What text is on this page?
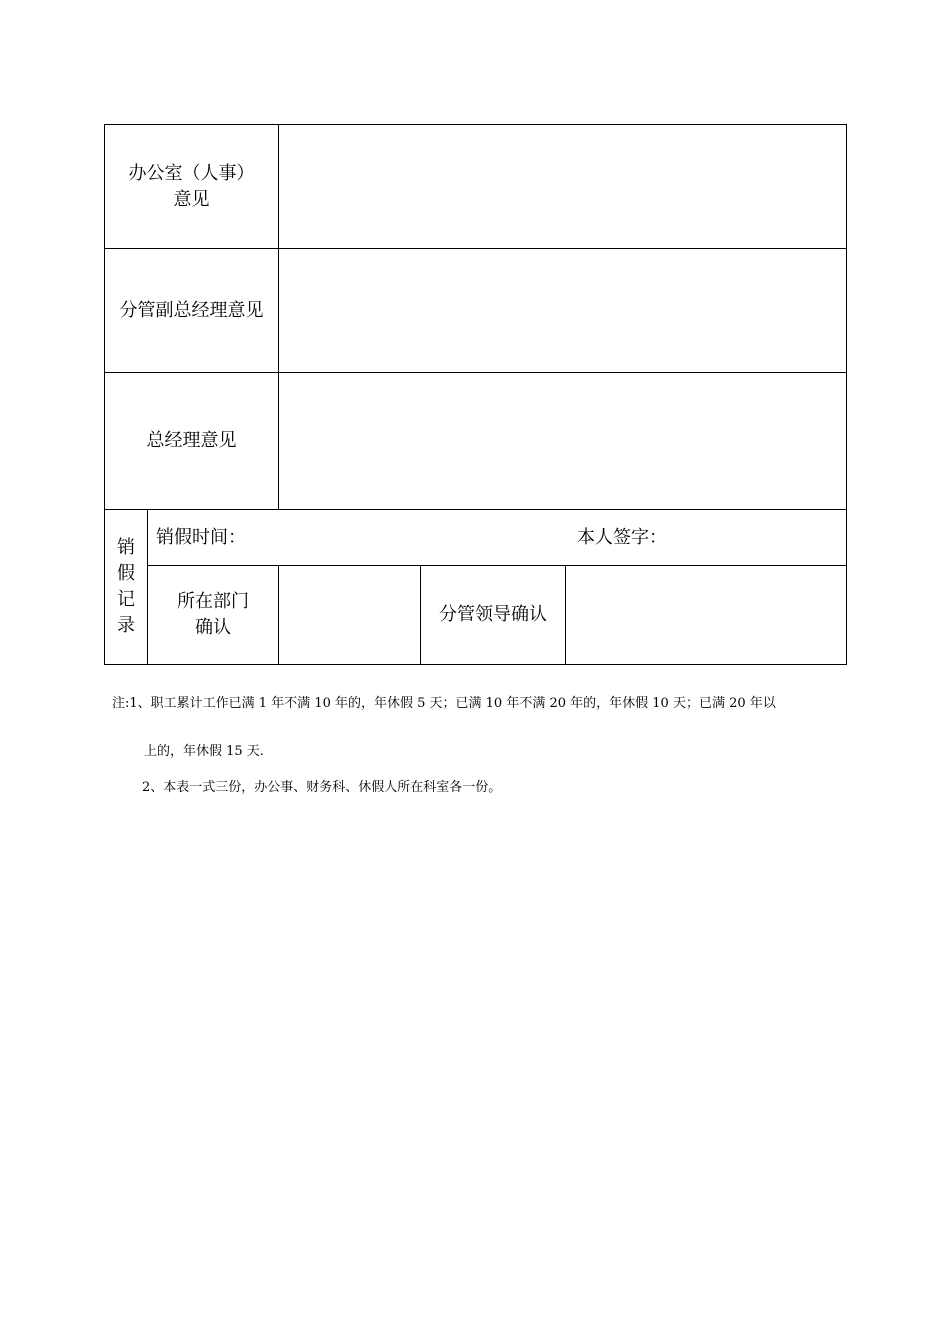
办公室（人事）
意见
分管副总经理意见
总经理意见
销
假
记
录
销假时间：	本人签字：
所在部门
确认
分管领导确认
注:1、职工累计工作已满 1 年不满 10 年的，年休假 5 天；已满 10 年不满 20 年的，年休假 10 天；已满 20 年以
上的，年休假 15 天.
2、本表一式三份，办公事、财务科、休假人所在科室各一份。
